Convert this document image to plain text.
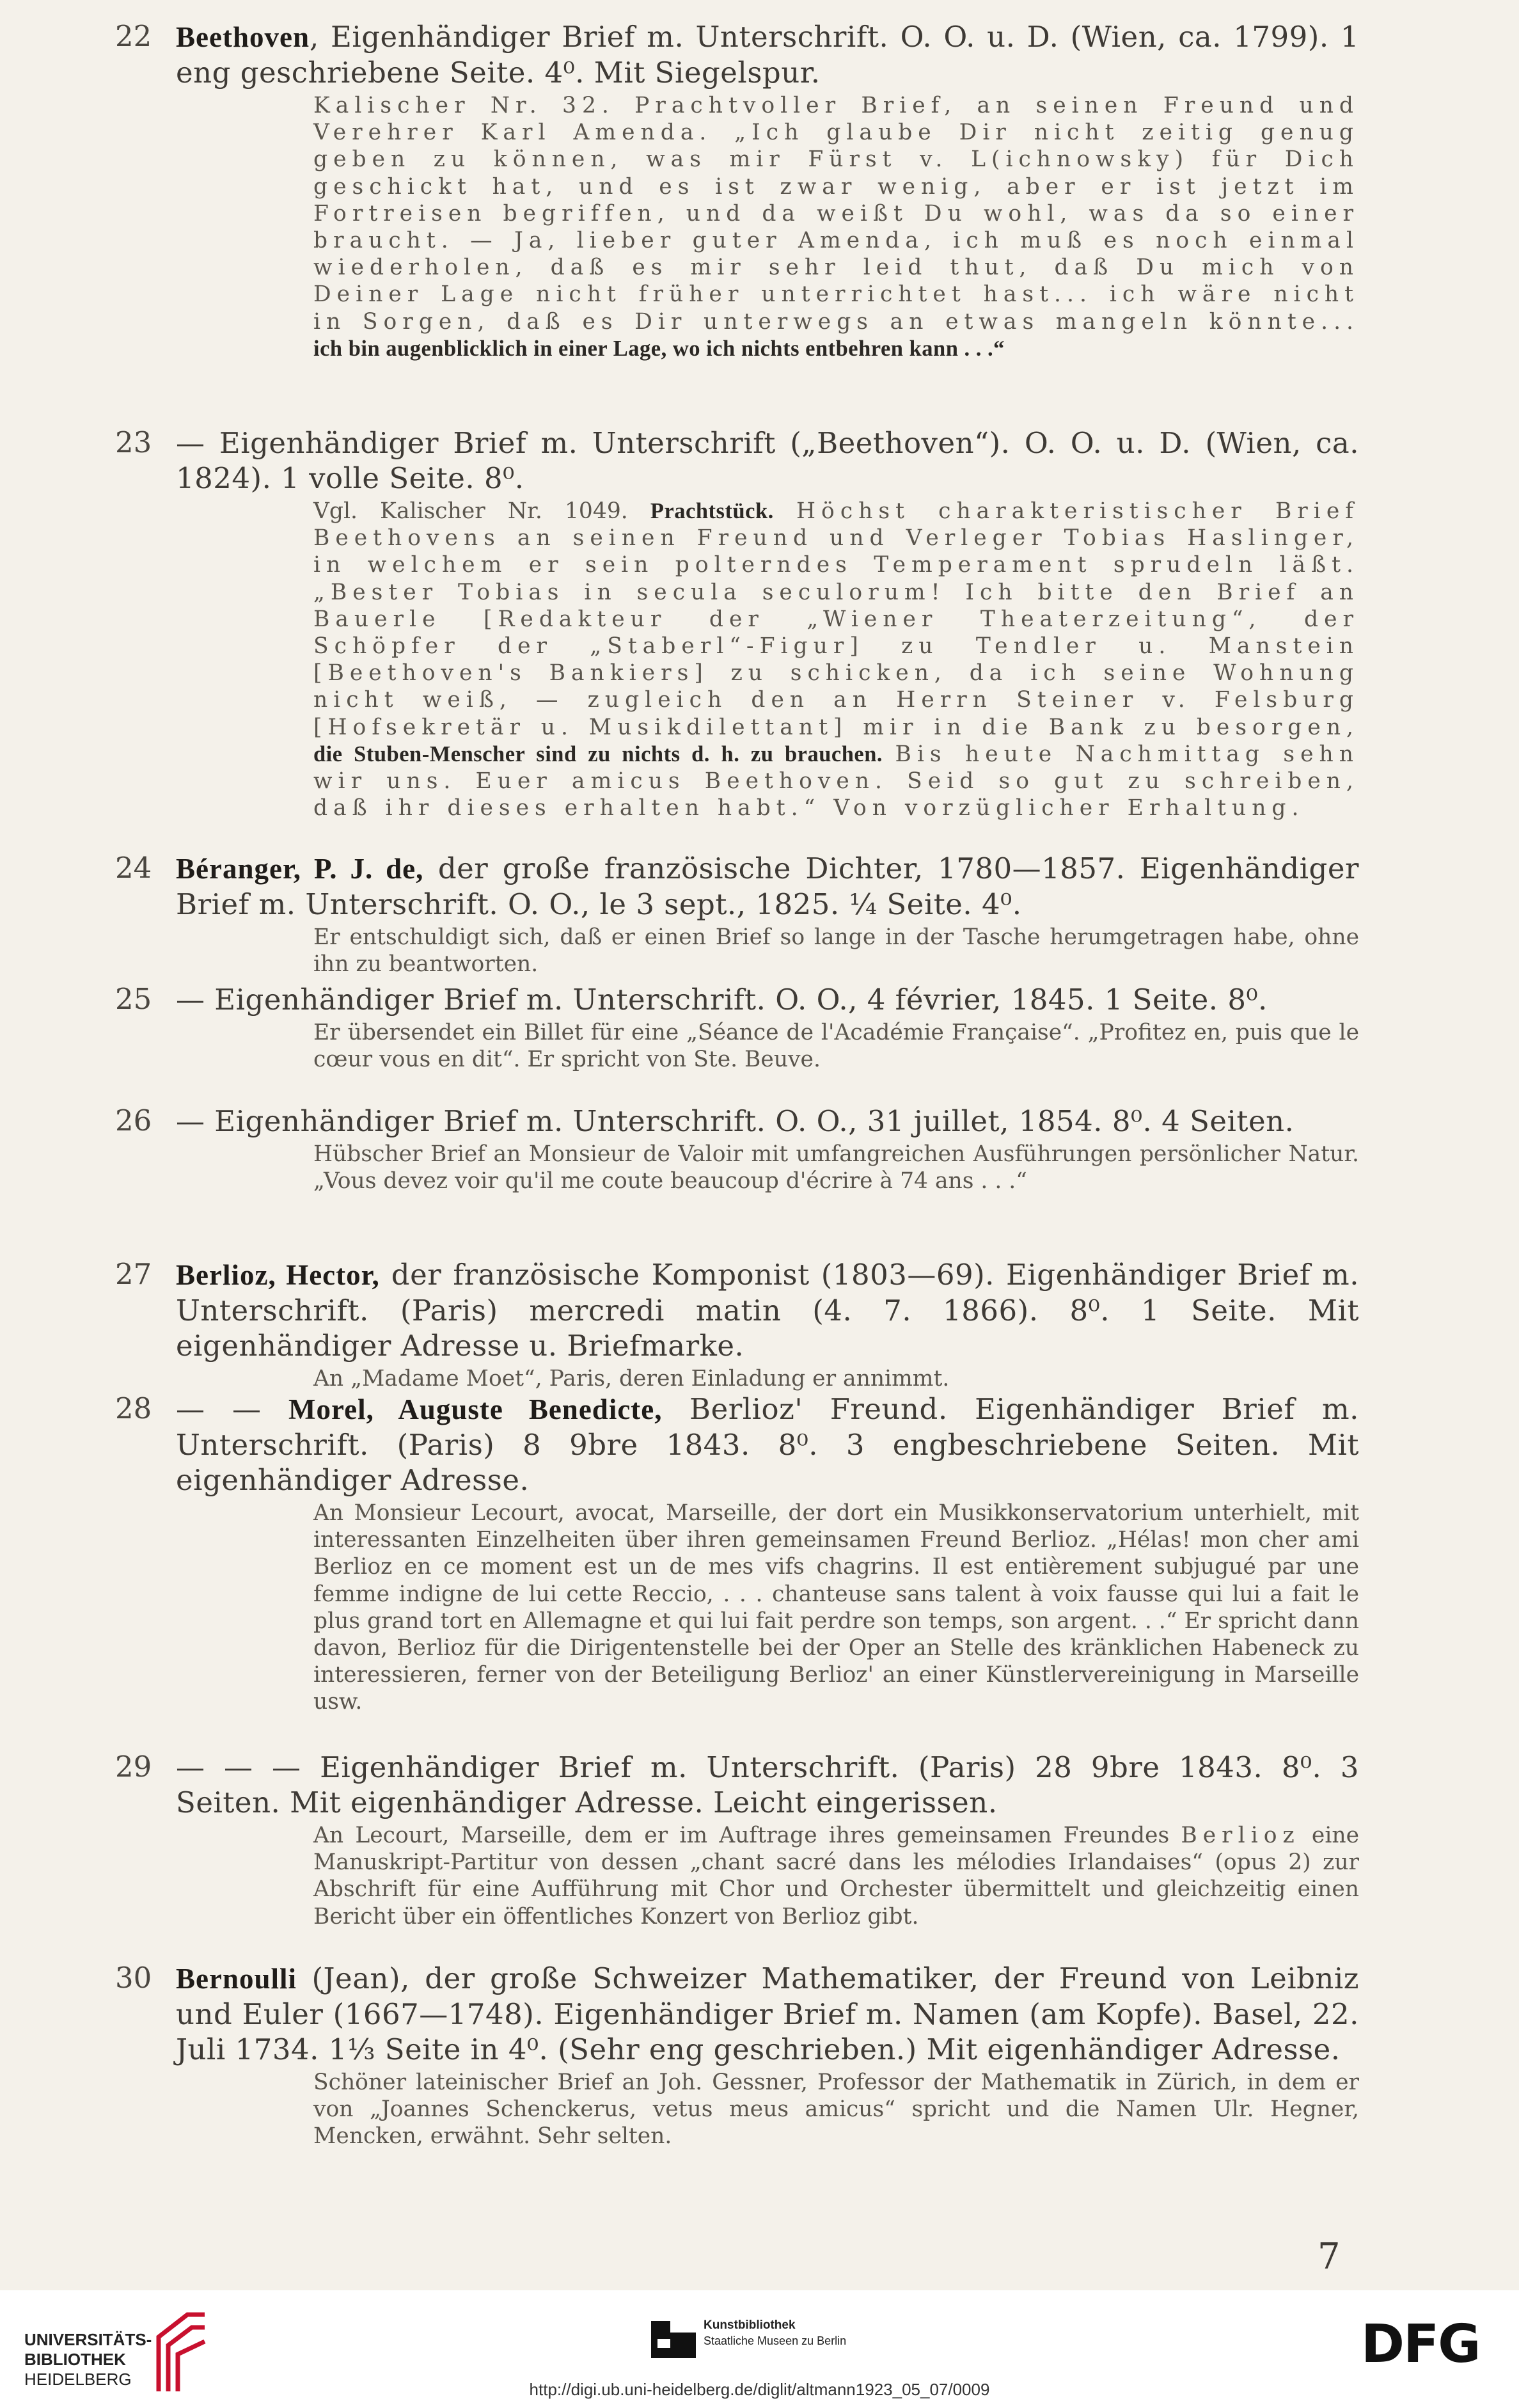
22 Beethoven, Eigenhändiger Brief m. Unterschrift. O. O. u. D. (Wien, ca. 1799). 1 eng geschriebene Seite. 4⁰. Mit Siegelspur.
Kalischer Nr. 32. Prachtvoller Brief, an seinen Freund und Verehrer Karl Amenda. „Ich glaube Dir nicht zeitig genug geben zu können, was mir Fürst v. L(ichnowsky) für Dich geschickt hat, und es ist zwar wenig, aber er ist jetzt im Fortreisen begriffen, und da weißt Du wohl, was da so einer braucht. — Ja, lieber guter Amenda, ich muß es noch einmal wiederholen, daß es mir sehr leid thut, daß Du mich von Deiner Lage nicht früher unterrichtet hast... ich wäre nicht in Sorgen, daß es Dir unterwegs an etwas mangeln könnte... ich bin augenblicklich in einer Lage, wo ich nichts entbehren kann . . .“
23 — Eigenhändiger Brief m. Unterschrift („Beethoven“). O. O. u. D. (Wien, ca. 1824). 1 volle Seite. 8⁰.
Vgl. Kalischer Nr. 1049. Prachtstück. Höchst charakteristischer Brief Beethovens an seinen Freund und Verleger Tobias Haslinger, in welchem er sein polterndes Temperament sprudeln läßt. „Bester Tobias in secula seculorum! Ich bitte den Brief an Bauerle [Redakteur der „Wiener Theaterzeitung“, der Schöpfer der „Staberl“-Figur] zu Tendler u. Manstein [Beethoven's Bankiers] zu schicken, da ich seine Wohnung nicht weiß, — zugleich den an Herrn Steiner v. Felsburg [Hofsekretär u. Musikdilettant] mir in die Bank zu besorgen, die Stuben-Menscher sind zu nichts d. h. zu brauchen. Bis heute Nachmittag sehn wir uns. Euer amicus Beethoven. Seid so gut zu schreiben, daß ihr dieses erhalten habt.“ Von vorzüglicher Erhaltung.
24 Béranger, P. J. de, der große französische Dichter, 1780—1857. Eigenhändiger Brief m. Unterschrift. O. O., le 3 sept., 1825. ¼ Seite. 4⁰.
Er entschuldigt sich, daß er einen Brief so lange in der Tasche herumgetragen habe, ohne ihn zu beantworten.
25 — Eigenhändiger Brief m. Unterschrift. O. O., 4 février, 1845. 1 Seite. 8⁰.
Er übersendet ein Billet für eine „Séance de l'Académie Française“. „Profitez en, puis que le cœur vous en dit“. Er spricht von Ste. Beuve.
26 — Eigenhändiger Brief m. Unterschrift. O. O., 31 juillet, 1854. 8⁰. 4 Seiten.
Hübscher Brief an Monsieur de Valoir mit umfangreichen Ausführungen persönlicher Natur. „Vous devez voir qu'il me coute beaucoup d'écrire à 74 ans . . .“
27 Berlioz, Hector, der französische Komponist (1803—69). Eigenhändiger Brief m. Unterschrift. (Paris) mercredi matin (4. 7. 1866). 8⁰. 1 Seite. Mit eigenhändiger Adresse u. Briefmarke.
An „Madame Moet“, Paris, deren Einladung er annimmt.
28 — — Morel, Auguste Benedicte, Berlioz' Freund. Eigenhändiger Brief m. Unterschrift. (Paris) 8 9bre 1843. 8⁰. 3 engbeschriebene Seiten. Mit eigenhändiger Adresse.
An Monsieur Lecourt, avocat, Marseille, der dort ein Musikkonservatorium unterhielt, mit interessanten Einzelheiten über ihren gemeinsamen Freund Berlioz. „Hélas! mon cher ami Berlioz en ce moment est un de mes vifs chagrins. Il est entièrement subjugué par une femme indigne de lui cette Reccio, . . . chanteuse sans talent à voix fausse qui lui a fait le plus grand tort en Allemagne et qui lui fait perdre son temps, son argent. . .“ Er spricht dann davon, Berlioz für die Dirigentenstelle bei der Oper an Stelle des kränklichen Habeneck zu interessieren, ferner von der Beteiligung Berlioz' an einer Künstlervereinigung in Marseille usw.
29 — — — Eigenhändiger Brief m. Unterschrift. (Paris) 28 9bre 1843. 8⁰. 3 Seiten. Mit eigenhändiger Adresse. Leicht eingerissen.
An Lecourt, Marseille, dem er im Auftrage ihres gemeinsamen Freundes Berlioz eine Manuskript-Partitur von dessen „chant sacré dans les mélodies Irlandaises“ (opus 2) zur Abschrift für eine Aufführung mit Chor und Orchester übermittelt und gleichzeitig einen Bericht über ein öffentliches Konzert von Berlioz gibt.
30 Bernoulli (Jean), der große Schweizer Mathematiker, der Freund von Leibniz und Euler (1667—1748). Eigenhändiger Brief m. Namen (am Kopfe). Basel, 22. Juli 1734. 1⅓ Seite in 4⁰. (Sehr eng geschrieben.) Mit eigenhändiger Adresse.
Schöner lateinischer Brief an Joh. Gessner, Professor der Mathematik in Zürich, in dem er von „Joannes Schenckerus, vetus meus amicus“ spricht und die Namen Ulr. Hegner, Mencken, erwähnt. Sehr selten.
7
UNIVERSITÄTS-
BIBLIOTHEK
HEIDELBERG
Kunstbibliothek
Staatliche Museen zu Berlin	DFG
http://digi.ub.uni-heidelberg.de/diglit/altmann1923_05_07/0009
